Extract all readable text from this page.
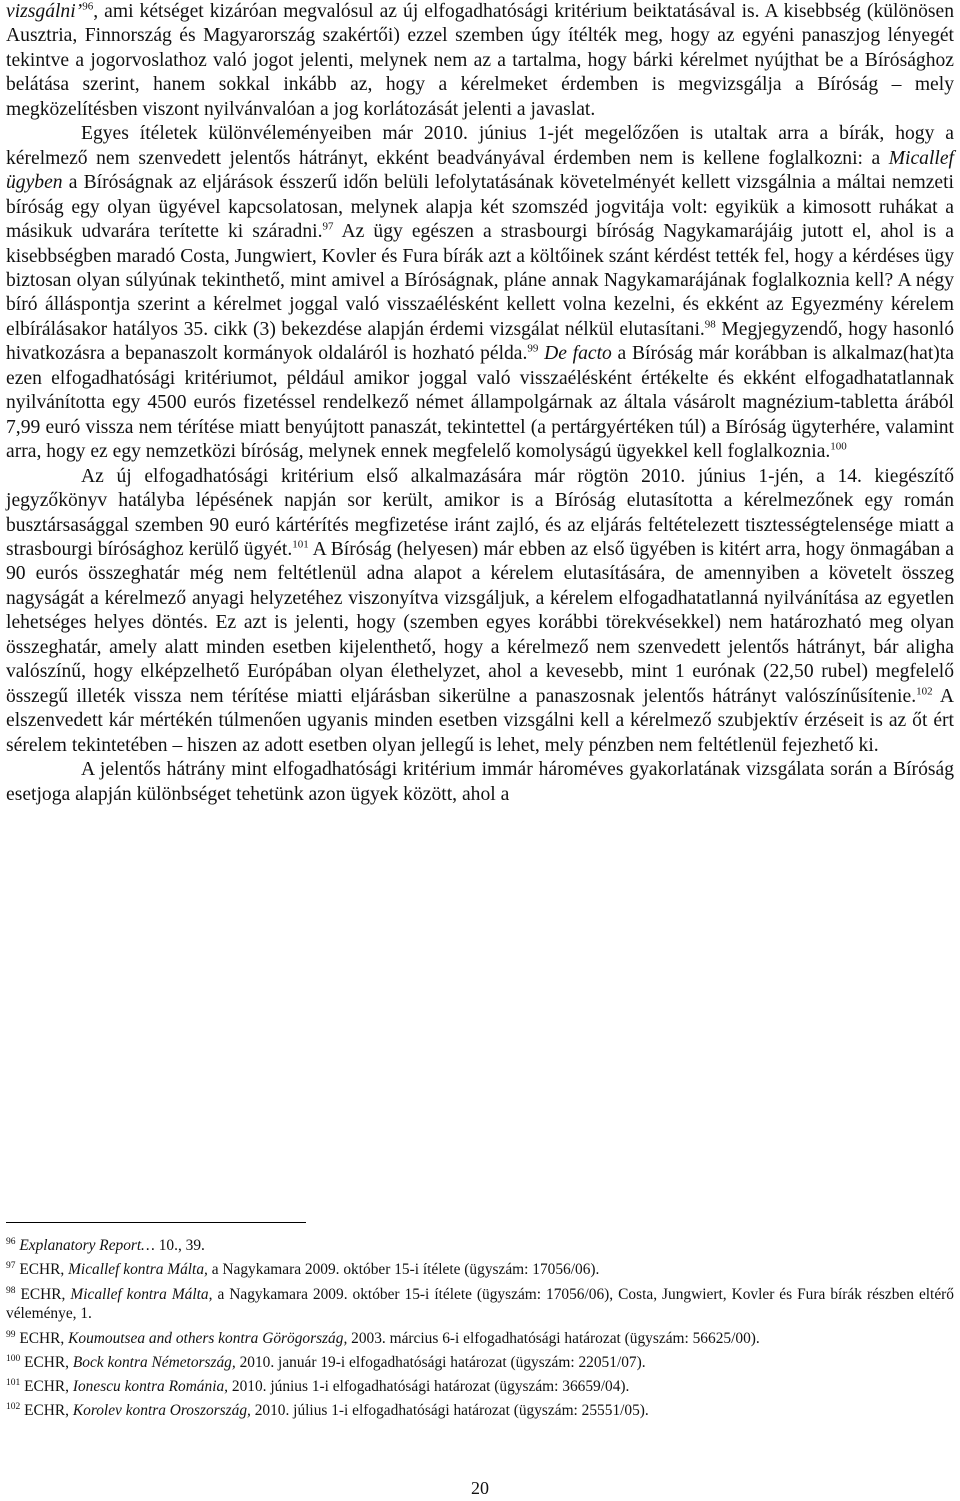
vizsgálni’$^{96}$, ami kétséget kizáróan megvalósul az új elfogadhatósági kritérium beiktatásával is. A kisebbség (különösen Ausztria, Finnország és Magyarország szakértői) ezzel szemben úgy ítélték meg, hogy az egyéni panaszjog lényegét tekintve a jogorvoslathoz való jogot jelenti, melynek nem az a tartalma, hogy bárki kérelmet nyújthat be a Bírósághoz belátása szerint, hanem sokkal inkább az, hogy a kérelmeket érdemben is megvizsgálja a Bíróság – mely megközelítésben viszont nyilvánvalóan a jog korlátozását jelenti a javaslat.

Egyes ítéletek különvéleményeiben már 2010. június 1-jét megelőzően is utaltak arra a bírák, hogy a kérelmező nem szenvedett jelentős hátrányt, ekként beadványával érdemben nem is kellene foglalkozni: a Micallef ügyben a Bíróságnak az eljárások ésszerű időn belüli lefolytatásának követelményét kellett vizsgálnia a máltai nemzeti bíróság egy olyan ügyével kapcsolatosan, melynek alapja két szomszéd jogvitája volt: egyikük a kimosott ruhákat a másikuk udvarára terítette ki száradni.$^{97}$ Az ügy egészen a strasbourgi bíróság Nagykamarájáig jutott el, ahol is a kisebbségben maradó Costa, Jungwiert, Kovler és Fura bírák azt a költőinek szánt kérdést tették fel, hogy a kérdéses ügy biztosan olyan súlyúnak tekinthető, mint amivel a Bíróságnak, pláne annak Nagykamarájának foglalkoznia kell? A négy bíró álláspontja szerint a kérelmet joggal való visszaélésként kellett volna kezelni, és ekként az Egyezmény kérelem elbírálásakor hatályos 35. cikk (3) bekezdése alapján érdemi vizsgálat nélkül elutasítani.$^{98}$ Megjegyzendő, hogy hasonló hivatkozásra a bepanaszolt kormányok oldaláról is hozható példa.$^{99}$ De facto a Bíróság már korábban is alkalmaz(hat)ta ezen elfogadhatósági kritériumot, például amikor joggal való visszaélésként értékelte és ekként elfogadhatatlannak nyilvánította egy 4500 eurós fizetéssel rendelkező német állampolgárnak az általa vásárolt magnézium-tabletta árából 7,99 euró vissza nem térítése miatt benyújtott panaszát, tekintettel (a pertárgyértéken túl) a Bíróság ügyterhére, valamint arra, hogy ez egy nemzetközi bíróság, melynek ennek megfelelő komolyságú ügyekkel kell foglalkoznia.$^{100}$

Az új elfogadhatósági kritérium első alkalmazására már rögtön 2010. június 1-jén, a 14. kiegészítő jegyzőkönyv hatályba lépésének napján sor került, amikor is a Bíróság elutasította a kérelmezőnek egy román busztársasággal szemben 90 euró kártérítés megfizetése iránt zajló, és az eljárás feltételezett tisztességtelensége miatt a strasbourgi bírósághoz kerülő ügyét.$^{101}$ A Bíróság (helyesen) már ebben az első ügyében is kitért arra, hogy önmagában a 90 eurós összeghatár még nem feltétlenül adna alapot a kérelem elutasítására, de amennyiben a követelt összeg nagyságát a kérelmező anyagi helyzetéhez viszonyítva vizsgáljuk, a kérelem elfogadhatatlanná nyilvánítása az egyetlen lehetséges helyes döntés. Ez azt is jelenti, hogy (szemben egyes korábbi törekvésekkel) nem határozható meg olyan összeghatár, amely alatt minden esetben kijelenthető, hogy a kérelmező nem szenvedett jelentős hátrányt, bár aligha valószínű, hogy elképzelhető Európában olyan élethelyzet, ahol a kevesebb, mint 1 eurónak (22,50 rubel) megfelelő összegű illeték vissza nem térítése miatti eljárásban sikerülne a panaszosnak jelentős hátrányt valószínűsítenie.$^{102}$ A elszenvedett kár mértékén túlmenően ugyanis minden esetben vizsgálni kell a kérelmező szubjektív érzéseit is az őt ért sérelem tekintetében – hiszen az adott esetben olyan jellegű is lehet, mely pénzben nem feltétlenül fejezhető ki.

A jelentős hátrány mint elfogadhatósági kritérium immár hároméves gyakorlatának vizsgálata során a Bíróság esetjoga alapján különbséget tehetünk azon ügyek között, ahol a

$^{96}$ Explanatory Report… 10., 39.
$^{97}$ ECHR, Micallef kontra Málta, a Nagykamara 2009. október 15-i ítélete (ügyszám: 17056/06).
$^{98}$ ECHR, Micallef kontra Málta, a Nagykamara 2009. október 15-i ítélete (ügyszám: 17056/06), Costa, Jungwiert, Kovler és Fura bírák részben eltérő véleménye, 1.
$^{99}$ ECHR, Koumoutsea and others kontra Görögország, 2003. március 6-i elfogadhatósági határozat (ügyszám: 56625/00).
$^{100}$ ECHR, Bock kontra Németország, 2010. január 19-i elfogadhatósági határozat (ügyszám: 22051/07).
$^{101}$ ECHR, Ionescu kontra Románia, 2010. június 1-i elfogadhatósági határozat (ügyszám: 36659/04).
$^{102}$ ECHR, Korolev kontra Oroszország, 2010. július 1-i elfogadhatósági határozat (ügyszám: 25551/05).
20
